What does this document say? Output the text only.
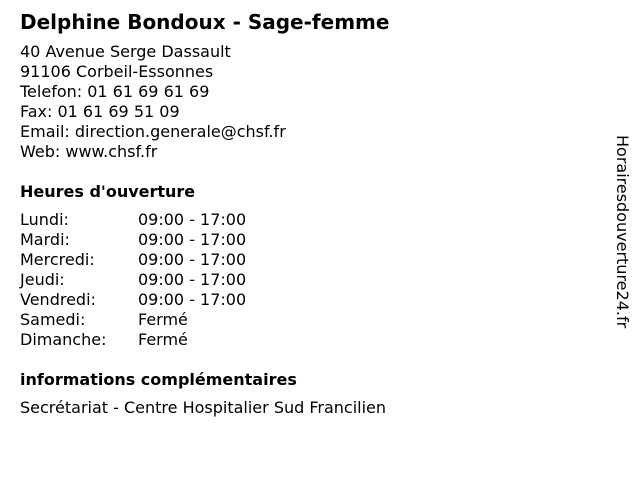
Delphine Bondoux - Sage-femme
40 Avenue Serge Dassault
91106 Corbeil-Essonnes
Telefon: 01 61 69 61 69
Fax: 01 61 69 51 09
Email: direction.generale@chsf.fr
Web: www.chsf.fr
Heures d'ouverture
Lundi:	09:00 - 17:00
Mardi:	09:00 - 17:00
Mercredi:	09:00 - 17:00
Jeudi:	09:00 - 17:00
Vendredi:	09:00 - 17:00
Samedi:	Fermé
Dimanche:	Fermé
informations complémentaires
Secrétariat - Centre Hospitalier Sud Francilien
Horairesdouverture24.fr
